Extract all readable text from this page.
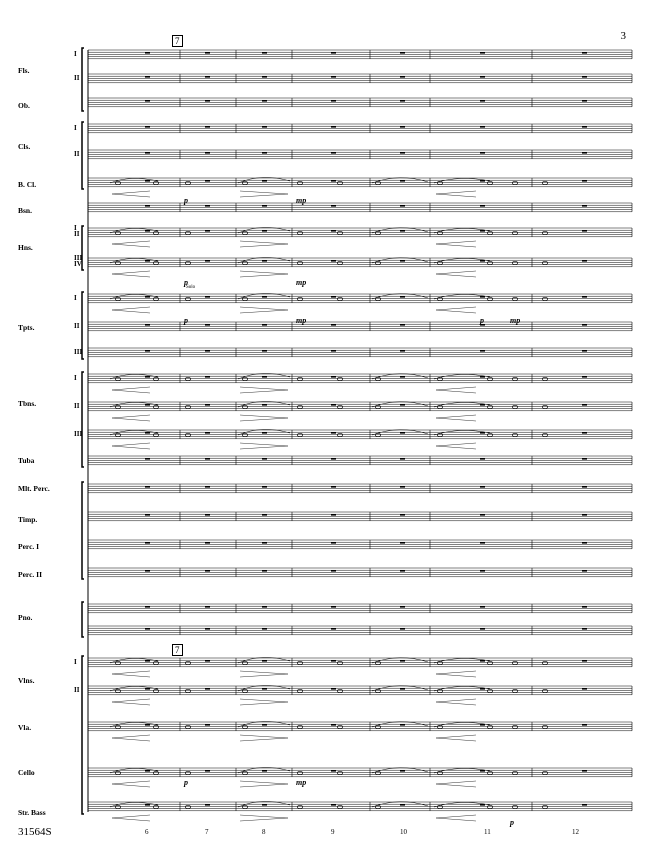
3
31564S
Fls.
Ob.
Cls.
B. Cl.
Bsn.
Hns.
Tpts.
Tbns.
Tuba
Mlt. Perc.
Timp.
Perc. I
Perc. II
Pno.
Vlns.
Vla.
Cello
Str. Bass
I
II
I
II
I
II
III
IV
I
II
III
I
II
III
I
II
7
7
6	7	8	9	10	11	12
p	mp
p	mp
p	mp	p	mp
p	mp
p
Solo
